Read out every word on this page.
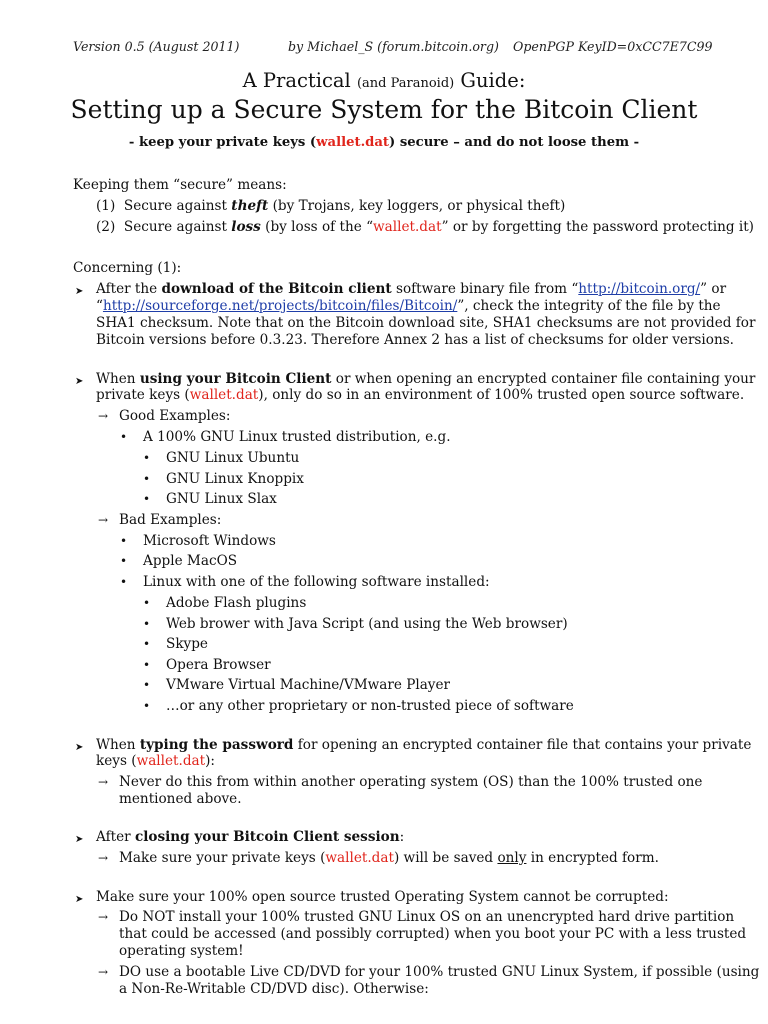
Version 0.5 (August 2011)	by Michael_S (forum.bitcoin.org) OpenPGP KeyID=0xCC7E7C99
A Practical (and Paranoid) Guide:
Setting up a Secure System for the Bitcoin Client
- keep your private keys (wallet.dat) secure – and do not loose them -
Keeping them “secure” means:
(1) Secure against theft (by Trojans, key loggers, or physical theft)
(2) Secure against loss (by loss of the “wallet.dat” or by forgetting the password protecting it)
Concerning (1):
➤ After the download of the Bitcoin client software binary file from “http://bitcoin.org/” or
“http://sourceforge.net/projects/bitcoin/files/Bitcoin/”, check the integrity of the file by the
SHA1 checksum. Note that on the Bitcoin download site, SHA1 checksums are not provided for
Bitcoin versions before 0.3.23. Therefore Annex 2 has a list of checksums for older versions.
➤ When using your Bitcoin Client or when opening an encrypted container file containing your
private keys (wallet.dat), only do so in an environment of 100% trusted open source software.
→ Good Examples:
• A 100% GNU Linux trusted distribution, e.g.
• GNU Linux Ubuntu
• GNU Linux Knoppix
• GNU Linux Slax
→ Bad Examples:
• Microsoft Windows
• Apple MacOS
• Linux with one of the following software installed:
• Adobe Flash plugins
• Web brower with Java Script (and using the Web browser)
• Skype
• Opera Browser
• VMware Virtual Machine/VMware Player
• …or any other proprietary or non-trusted piece of software
➤ When typing the password for opening an encrypted container file that contains your private
keys (wallet.dat):
→ Never do this from within another operating system (OS) than the 100% trusted one
mentioned above.
➤ After closing your Bitcoin Client session:
→ Make sure your private keys (wallet.dat) will be saved only in encrypted form.
➤ Make sure your 100% open source trusted Operating System cannot be corrupted:
→ Do NOT install your 100% trusted GNU Linux OS on an unencrypted hard drive partition
that could be accessed (and possibly corrupted) when you boot your PC with a less trusted
operating system!
→ DO use a bootable Live CD/DVD for your 100% trusted GNU Linux System, if possible (using
a Non-Re-Writable CD/DVD disc). Otherwise:
